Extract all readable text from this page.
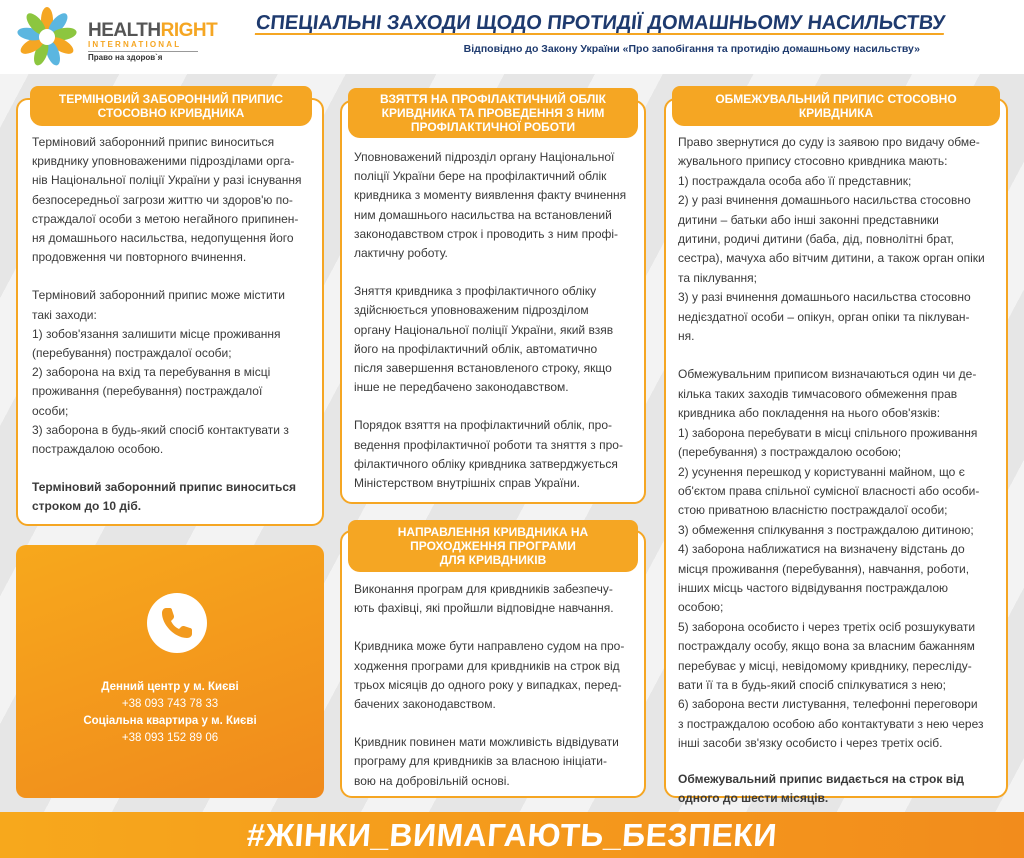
HEALTHRIGHT
INTERNATIONAL
Право на здоров`я
СПЕЦІАЛЬНІ ЗАХОДИ ЩОДО ПРОТИДІЇ ДОМАШНЬОМУ НАСИЛЬСТВУ
Відповідно до Закону України «Про запобігання та протидію домашньому насильству»
ТЕРМІНОВИЙ ЗАБОРОННИЙ ПРИПИС
СТОСОВНО КРИВДНИКА

Терміновий заборонний припис виноситься
кривднику уповноваженими підрозділами орга-
нів Національної поліції України у разі існування
безпосередньої загрози життю чи здоров'ю по-
страждалої особи з метою негайного припинен-
ня домашнього насильства, недопущення його
продовження чи повторного вчинення.

Терміновий заборонний припис може містити
такі заходи:
1) зобов'язання залишити місце проживання
(перебування) постраждалої особи;
2) заборона на вхід та перебування в місці
проживання (перебування) постраждалої
особи;
3) заборона в будь-який спосіб контактувати з
постраждалою особою.

Терміновий заборонний припис виноситься
строком до 10 діб.

ВЗЯТТЯ НА ПРОФІЛАКТИЧНИЙ ОБЛІК
КРИВДНИКА ТА ПРОВЕДЕННЯ З НИМ
ПРОФІЛАКТИЧНОЇ РОБОТИ

Уповноважений підрозділ органу Національної
поліції України бере на профілактичний облік
кривдника з моменту виявлення факту вчинення
ним домашнього насильства на встановлений
законодавством строк і проводить з ним профі-
лактичну роботу.

Зняття кривдника з профілактичного обліку
здійснюється уповноваженим підрозділом
органу Національної поліції України, який взяв
його на профілактичний облік, автоматично
після завершення встановленого строку, якщо
інше не передбачено законодавством.

Порядок взяття на профілактичний облік, про-
ведення профілактичної роботи та зняття з про-
філактичного обліку кривдника затверджується
Міністерством внутрішніх справ України.

НАПРАВЛЕННЯ КРИВДНИКА НА
ПРОХОДЖЕННЯ ПРОГРАМИ
ДЛЯ КРИВДНИКІВ

Виконання програм для кривдників забезпечу-
ють фахівці, які пройшли відповідне навчання.

Кривдника може бути направлено судом на про-
ходження програми для кривдників на строк від
трьох місяців до одного року у випадках, перед-
бачених законодавством.

Кривдник повинен мати можливість відвідувати
програму для кривдників за власною ініціати-
вою на добровільній основі.

ОБМЕЖУВАЛЬНИЙ ПРИПИС СТОСОВНО
КРИВДНИКА

Право звернутися до суду із заявою про видачу обме-
жувального припису стосовно кривдника мають:
1) постраждала особа або її представник;
2) у разі вчинення домашнього насильства стосовно
дитини – батьки або інші законні представники
дитини, родичі дитини (баба, дід, повнолітні брат,
сестра), мачуха або вітчим дитини, а також орган опіки
та піклування;
3) у разі вчинення домашнього насильства стосовно
недієздатної особи – опікун, орган опіки та піклуван-
ня.

Обмежувальним приписом визначаються один чи де-
кілька таких заходів тимчасового обмеження прав
кривдника або покладення на нього обов'язків:
1) заборона перебувати в місці спільного проживання
(перебування) з постраждалою особою;
2) усунення перешкод у користуванні майном, що є
об'єктом права спільної сумісної власності або особи-
стою приватною власністю постраждалої особи;
3) обмеження спілкування з постраждалою дитиною;
4) заборона наближатися на визначену відстань до
місця проживання (перебування), навчання, роботи,
інших місць частого відвідування постраждалою
особою;
5) заборона особисто і через третіх осіб розшукувати
постраждалу особу, якщо вона за власним бажанням
перебуває у місці, невідомому кривднику, пересліду-
вати її та в будь-який спосіб спілкуватися з нею;
6) заборона вести листування, телефонні переговори
з постраждалою особою або контактувати з нею через
інші засоби зв'язку особисто і через третіх осіб.

Обмежувальний припис видається на строк від
одного до шести місяців.

Денний центр у м. Києві
+38 093 743 78 33
Соціальна квартира у м. Києві
+38 093 152 89 06
#ЖІНКИ_ВИМАГАЮТЬ_БЕЗПЕКИ
